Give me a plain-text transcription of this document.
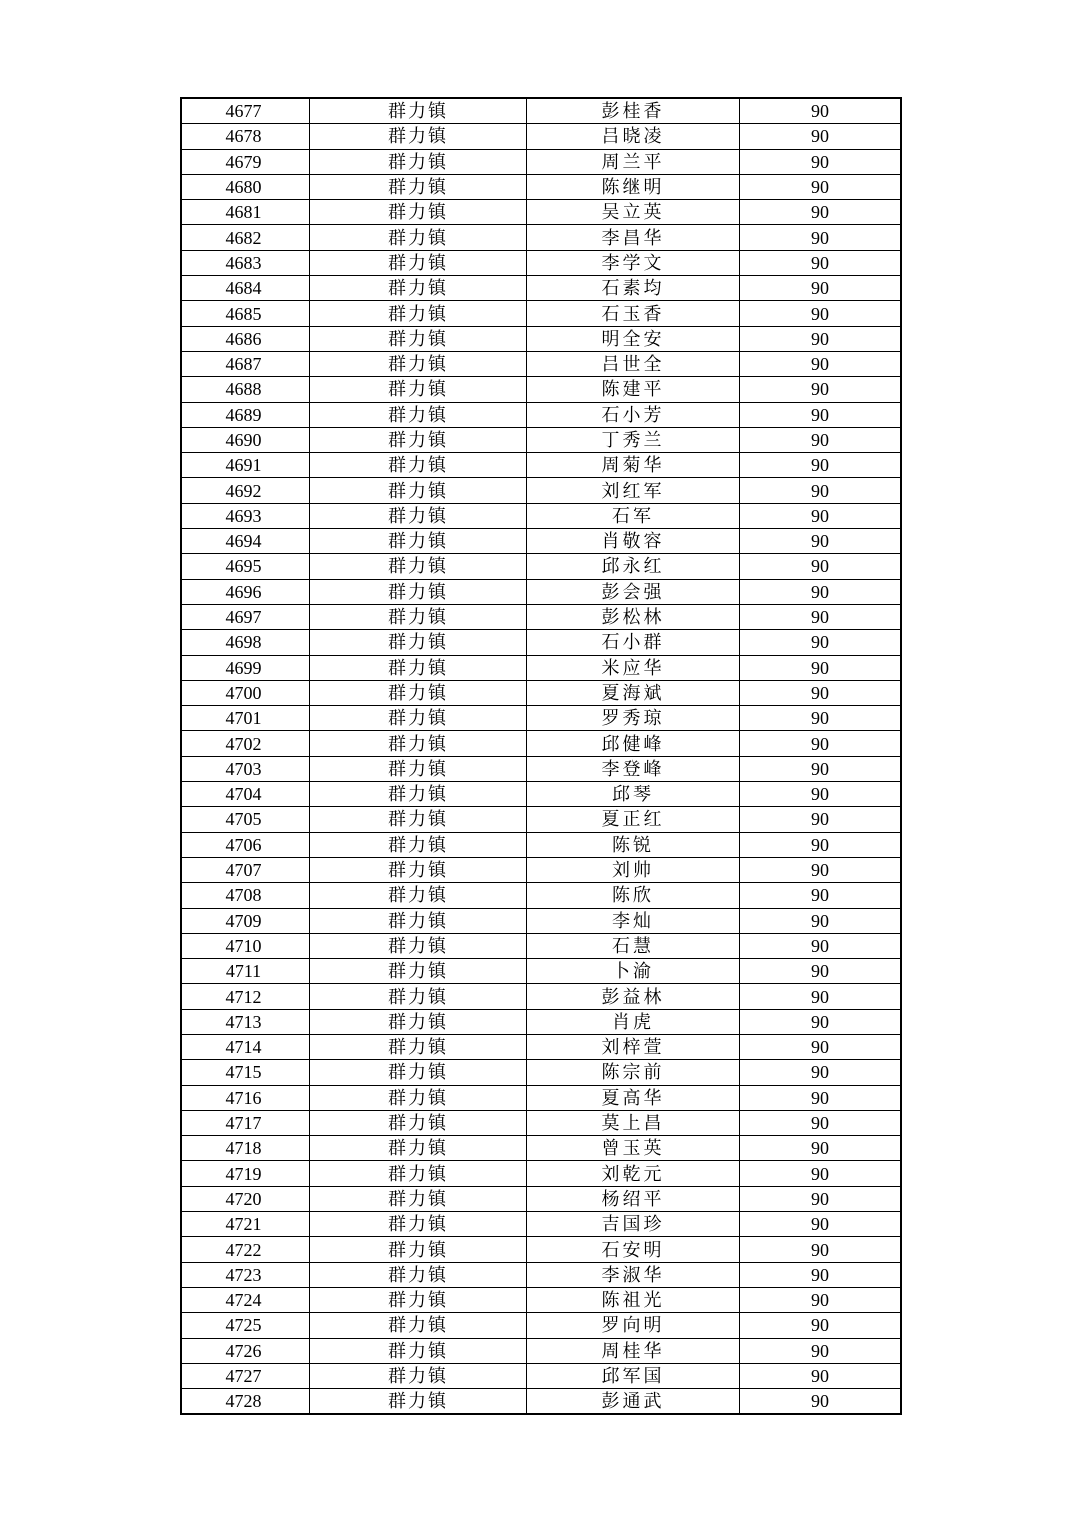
4677	群力镇	彭桂香	90
4678	群力镇	吕晓凌	90
4679	群力镇	周兰平	90
4680	群力镇	陈继明	90
4681	群力镇	吴立英	90
4682	群力镇	李昌华	90
4683	群力镇	李学文	90
4684	群力镇	石素均	90
4685	群力镇	石玉香	90
4686	群力镇	明全安	90
4687	群力镇	吕世全	90
4688	群力镇	陈建平	90
4689	群力镇	石小芳	90
4690	群力镇	丁秀兰	90
4691	群力镇	周菊华	90
4692	群力镇	刘红军	90
4693	群力镇	石军	90
4694	群力镇	肖敬容	90
4695	群力镇	邱永红	90
4696	群力镇	彭会强	90
4697	群力镇	彭松林	90
4698	群力镇	石小群	90
4699	群力镇	米应华	90
4700	群力镇	夏海斌	90
4701	群力镇	罗秀琼	90
4702	群力镇	邱健峰	90
4703	群力镇	李登峰	90
4704	群力镇	邱琴	90
4705	群力镇	夏正红	90
4706	群力镇	陈锐	90
4707	群力镇	刘帅	90
4708	群力镇	陈欣	90
4709	群力镇	李灿	90
4710	群力镇	石慧	90
4711	群力镇	卜渝	90
4712	群力镇	彭益林	90
4713	群力镇	肖虎	90
4714	群力镇	刘梓萱	90
4715	群力镇	陈宗前	90
4716	群力镇	夏高华	90
4717	群力镇	莫上昌	90
4718	群力镇	曾玉英	90
4719	群力镇	刘乾元	90
4720	群力镇	杨绍平	90
4721	群力镇	吉国珍	90
4722	群力镇	石安明	90
4723	群力镇	李淑华	90
4724	群力镇	陈祖光	90
4725	群力镇	罗向明	90
4726	群力镇	周桂华	90
4727	群力镇	邱军国	90
4728	群力镇	彭通武	90
